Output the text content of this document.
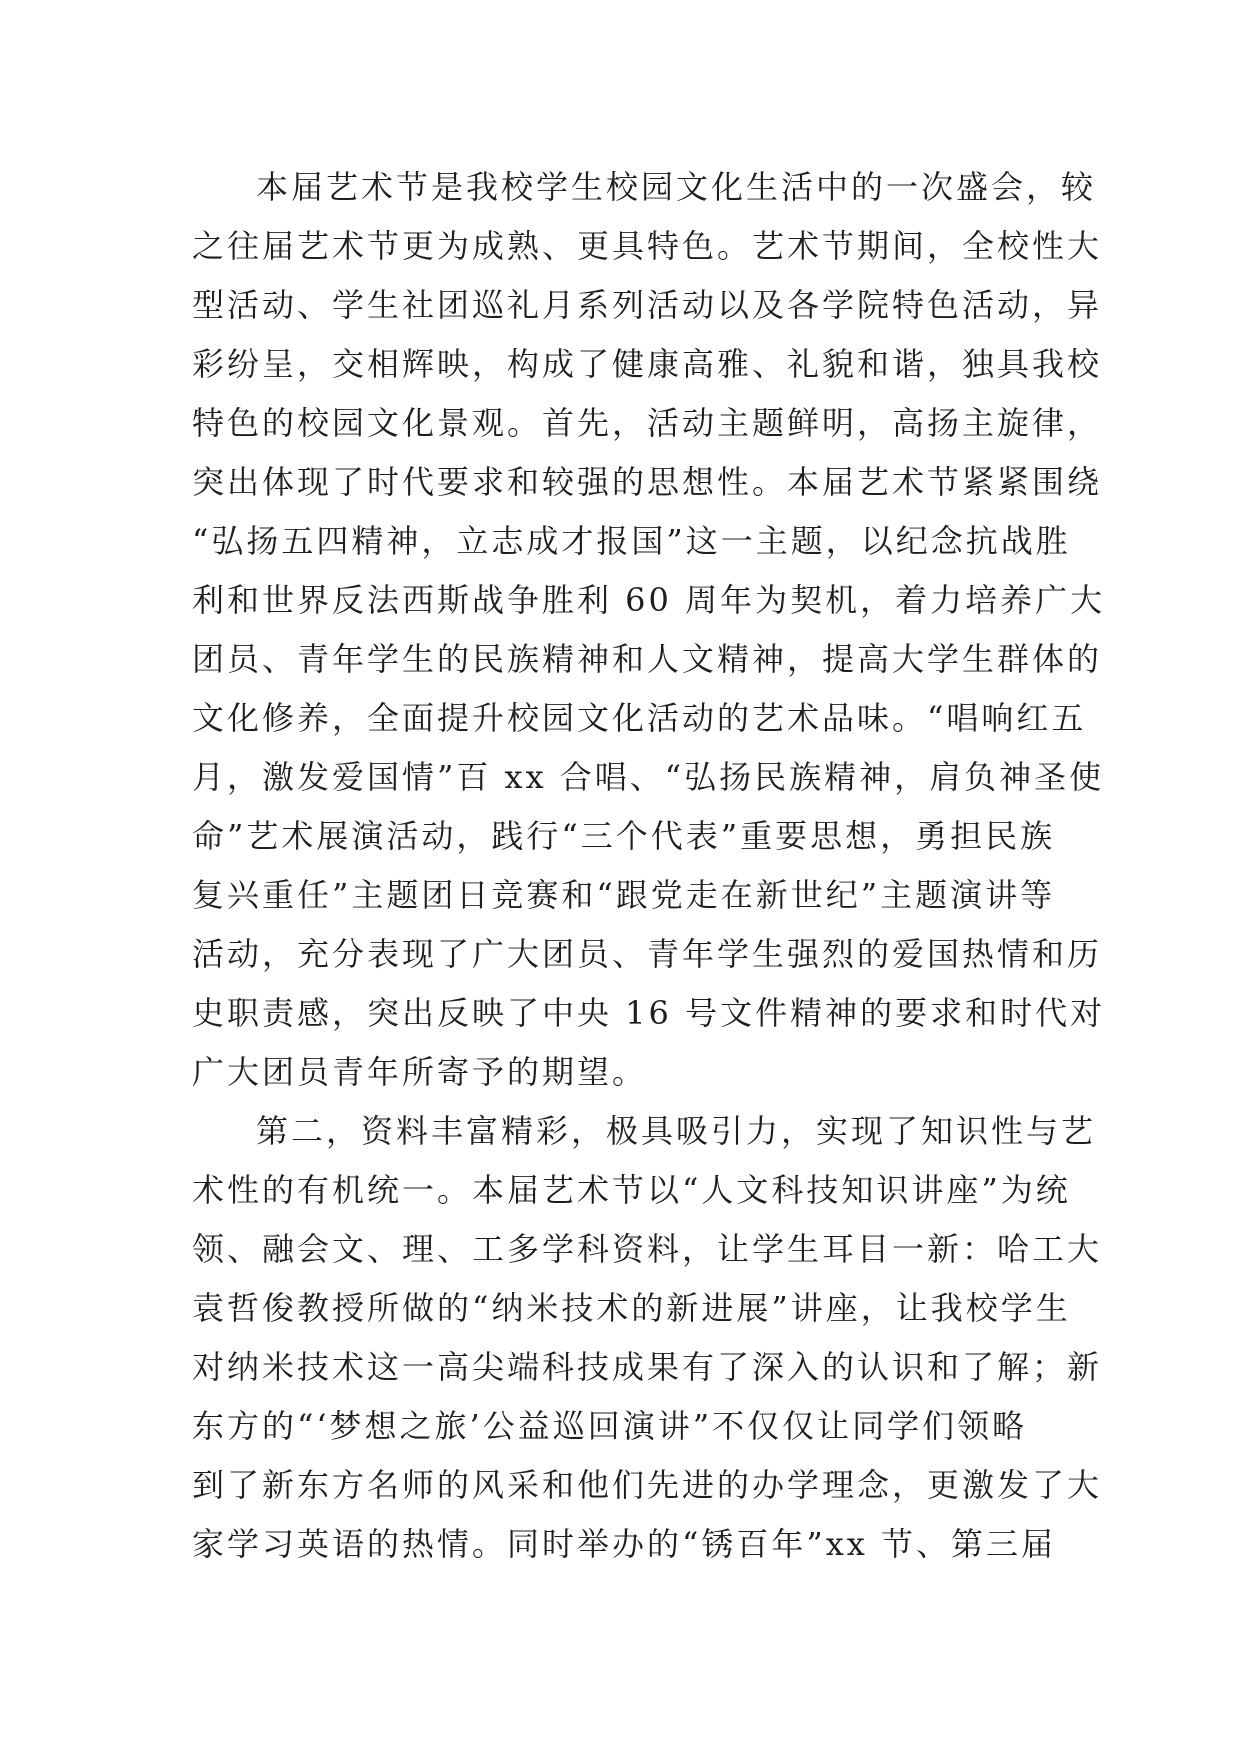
本届艺术节是我校学生校园文化生活中的一次盛会，较
之往届艺术节更为成熟、更具特色。艺术节期间，全校性大
型活动、学生社团巡礼月系列活动以及各学院特色活动，异
彩纷呈，交相辉映，构成了健康高雅、礼貌和谐，独具我校
特色的校园文化景观。首先，活动主题鲜明，高扬主旋律，
突出体现了时代要求和较强的思想性。本届艺术节紧紧围绕
“弘扬五四精神，立志成才报国”这一主题，以纪念抗战胜
利和世界反法西斯战争胜利 60 周年为契机，着力培养广大
团员、青年学生的民族精神和人文精神，提高大学生群体的
文化修养，全面提升校园文化活动的艺术品味。“唱响红五
月，激发爱国情”百 xx 合唱、“弘扬民族精神，肩负神圣使
命”艺术展演活动，践行“三个代表”重要思想，勇担民族
复兴重任”主题团日竞赛和“跟党走在新世纪”主题演讲等
活动，充分表现了广大团员、青年学生强烈的爱国热情和历
史职责感，突出反映了中央 16 号文件精神的要求和时代对
广大团员青年所寄予的期望。
第二，资料丰富精彩，极具吸引力，实现了知识性与艺
术性的有机统一。本届艺术节以“人文科技知识讲座”为统
领、融会文、理、工多学科资料，让学生耳目一新：哈工大
袁哲俊教授所做的“纳米技术的新进展”讲座，让我校学生
对纳米技术这一高尖端科技成果有了深入的认识和了解；新
东方的“‘梦想之旅’公益巡回演讲”不仅仅让同学们领略
到了新东方名师的风采和他们先进的办学理念，更激发了大
家学习英语的热情。同时举办的“锈百年”xx 节、第三届
